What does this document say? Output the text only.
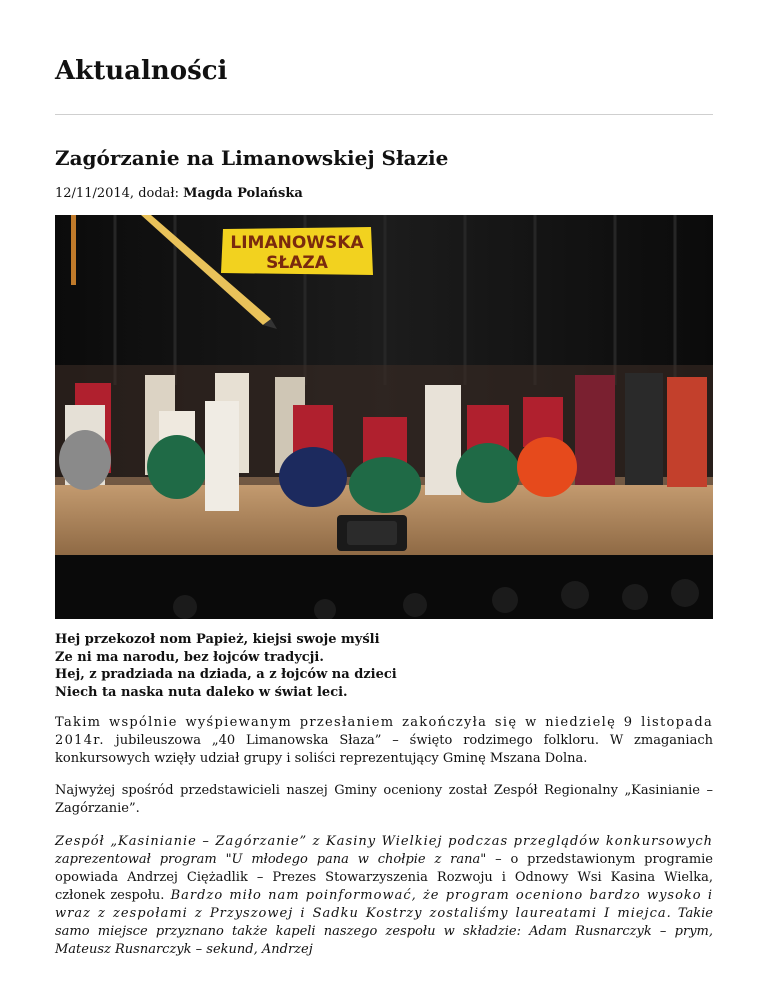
Aktualności
Zagórzanie na Limanowskiej Słazie
12/11/2014, dodał: Magda Polańska
LIMANOWSKA
SŁAZA
Hej przekozoł nom Papież, kiejsi swoje myśli
Ze ni ma narodu, bez łojców tradycji.
Hej, z pradziada na dziada, a z łojców na dzieci
Niech ta naska nuta daleko w świat leci.

Takim wspólnie wyśpiewanym przesłaniem zakończyła się w niedzielę 9 listopada 2014r. jubileuszowa „40 Limanowska Słaza” – święto rodzimego folkloru. W zmaganiach konkursowych wzięły udział grupy i soliści reprezentujący Gminę Mszana Dolna.

Najwyżej spośród przedstawicieli naszej Gminy oceniony został Zespół Regionalny „Kasinianie – Zagórzanie”.

Zespół „Kasinianie – Zagórzanie” z Kasiny Wielkiej podczas przeglądów konkursowych zaprezentował program "U młodego pana w chołpie z rana" – o przedstawionym programie opowiada Andrzej Ciężadlik – Prezes Stowarzyszenia Rozwoju i Odnowy Wsi Kasina Wielka, członek zespołu. Bardzo miło nam poinformować, że program oceniono bardzo wysoko i wraz z zespołami z Przyszowej i Sadku Kostrzy zostaliśmy laureatami I miejca. Takie samo miejsce przyznano także kapeli naszego zespołu w składzie: Adam Rusnarczyk – prym, Mateusz Rusnarczyk – sekund, Andrzej
